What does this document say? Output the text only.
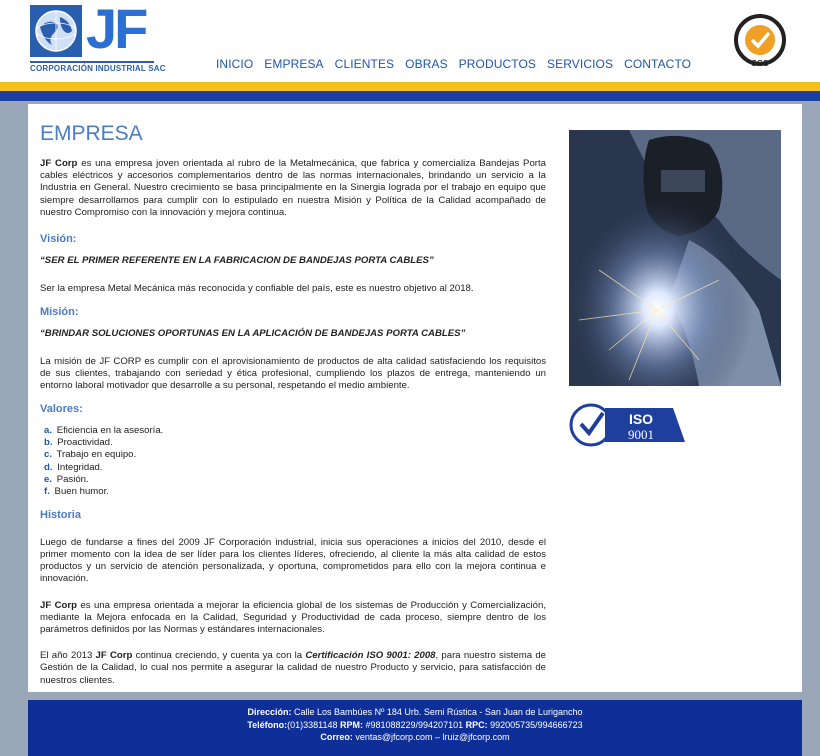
JF
CORPORACIÓN INDUSTRIAL SAC	INICIO EMPRESA CLIENTES OBRAS PRODUCTOS SERVICIOS CONTACTO	SGS
EMPRESA

JF Corp es una empresa joven orientada al rubro de la Metalmecánica, que fabrica y comercializa Bandejas Porta cables eléctricos y accesorios complementarios dentro de las normas internacionales, brindando un servicio a la Industria en General. Nuestro crecimiento se basa principalmente en la Sinergia lograda por el trabajo en equipo que siempre desarrollamos para cumplir con lo estipulado en nuestra Misión y Política de la Calidad acompañado de nuestro Compromiso con la innovación y mejora continua.

Visión:

“SER EL PRIMER REFERENTE EN LA FABRICACION DE BANDEJAS PORTA CABLES”

Ser la empresa Metal Mecánica más reconocida y confiable del país, este es nuestro objetivo al 2018.

Misión:

“BRINDAR SOLUCIONES OPORTUNAS EN LA APLICACIÓN DE BANDEJAS PORTA CABLES”

La misión de JF CORP es cumplir con el aprovisionamiento de productos de alta calidad satisfaciendo los requisitos de sus clientes, trabajando con seriedad y ética profesional, cumpliendo los plazos de entrega, manteniendo un entorno laboral motivador que desarrolle a su personal, respetando el medio ambiente.

Valores:
a. Eficiencia en la asesoría.
b. Proactividad.
c. Trabajo en equipo.
d. Integridad.
e. Pasión.
f. Buen humor.
Historia

Luego de fundarse a fines del 2009 JF Corporación industrial, inicia sus operaciones a inicios del 2010, desde el primer momento con la idea de ser líder para los clientes líderes, ofreciendo, al cliente la más alta calidad de estos productos y un servicio de atención personalizada, y oportuna, comprometidos para ello con la mejora continua e innovación.

JF Corp es una empresa orientada a mejorar la eficiencia global de los sistemas de Producción y Comercialización, mediante la Mejora enfocada en la Calidad, Seguridad y Productividad de cada proceso, siempre dentro de los parámetros definidos por las Normas y estándares internacionales.

El año 2013 JF Corp continua creciendo, y cuenta ya con la Certificación ISO 9001: 2008, para nuestro sistema de Gestión de la Calidad, lo cual nos permite a asegurar la calidad de nuestro Producto y servicio, para satisfacción de nuestros clientes.

ISO
9001
Dirección: Calle Los Bambúes Nº 184 Urb. Semi Rústica - San Juan de Lurigancho
Teléfono:(01)3381148 RPM: #981088229/994207101 RPC: 992005735/994666723
Correo: ventas@jfcorp.com – lruiz@jfcorp.com
